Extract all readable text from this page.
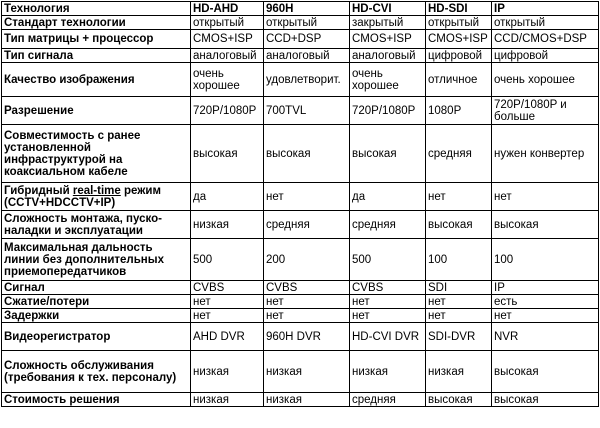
Технология	HD-AHD	960H	HD-CVI	HD-SDI	IP
Стандарт технологии	открытый	открытый	закрытый	открытый	открытый
Тип матрицы + процессор	CMOS+ISP	CCD+DSP	CMOS+ISP	CMOS+ISP	CCD/CMOS+DSP
Тип сигнала	аналоговый	аналоговый	аналоговый	цифровой	цифровой
Качество изображения	очень хорошее	удовлетворит.	очень хорошее	отличное	очень хорошее
Разрешение	720P/1080P	700TVL	720P/1080P	1080P	720P/1080P и больше
Совместимость с ранее установленной инфраструктурой на коаксиальном кабеле	высокая	высокая	высокая	средняя	нужен конвертер
Гибридный real-time режим (CCTV+HDCCTV+IP)	да	нет	да	нет	нет
Сложность монтажа, пуско-наладки и эксплуатации	низкая	средняя	средняя	высокая	высокая
Максимальная дальность линии без дополнительных приемопередатчиков	500	200	500	100	100
Сигнал	CVBS	CVBS	CVBS	SDI	IP
Сжатие/потери	нет	нет	нет	нет	есть
Задержки	нет	нет	нет	нет	нет
Видеорегистратор	AHD DVR	960H DVR	HD-CVI DVR	SDI-DVR	NVR
Сложность обслуживания (требования к тех. персоналу)	низкая	низкая	низкая	низкая	высокая
Стоимость решения	низкая	низкая	средняя	высокая	высокая
